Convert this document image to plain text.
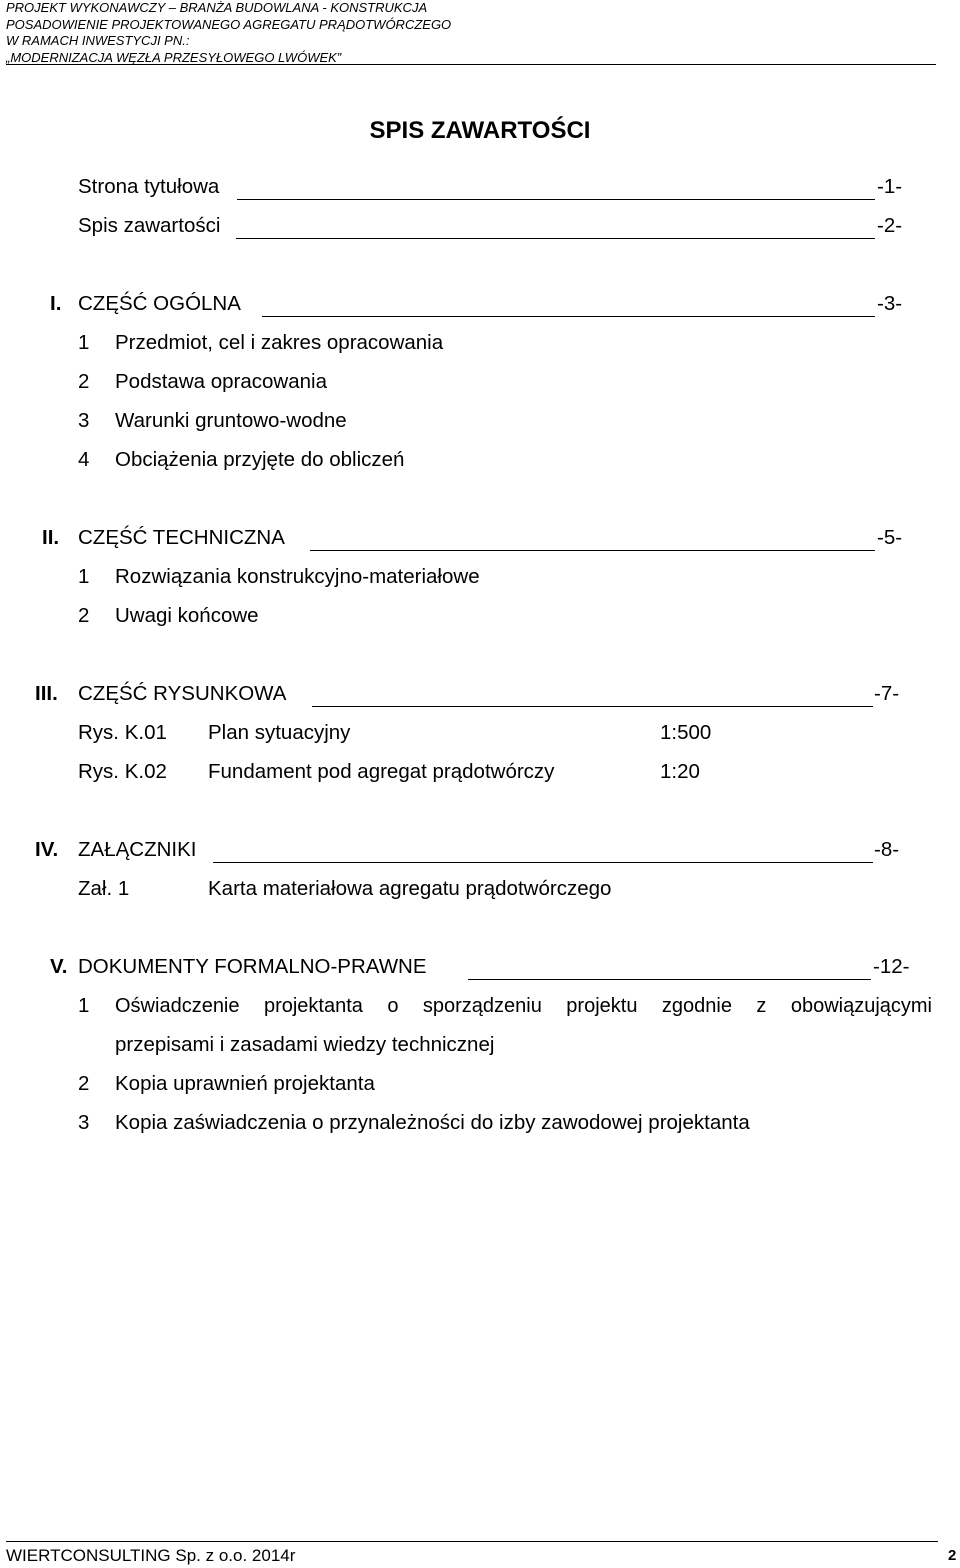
PROJEKT WYKONAWCZY – BRANŻA BUDOWLANA - KONSTRUKCJA
POSADOWIENIE PROJEKTOWANEGO AGREGATU PRĄDOTWÓRCZEGO
W RAMACH INWESTYCJI PN.:
„MODERNIZACJA WĘZŁA PRZESYŁOWEGO LWÓWEK”
SPIS ZAWARTOŚCI
Strona tytułowa	-1-
Spis zawartości	-2-
I. CZĘŚĆ OGÓLNA	-3-
1 Przedmiot, cel i zakres opracowania
2 Podstawa opracowania
3 Warunki gruntowo-wodne
4 Obciążenia przyjęte do obliczeń
II. CZĘŚĆ TECHNICZNA	-5-
1 Rozwiązania konstrukcyjno-materiałowe
2 Uwagi końcowe
III. CZĘŚĆ RYSUNKOWA	-7-
Rys. K.01 Plan sytuacyjny	1:500
Rys. K.02 Fundament pod agregat prądotwórczy	1:20
IV. ZAŁĄCZNIKI	-8-
Zał. 1	Karta materiałowa agregatu prądotwórczego
V. DOKUMENTY FORMALNO-PRAWNE	-12-
1 Oświadczenie projektanta o sporządzeniu projektu zgodnie z obowiązującymi
przepisami i zasadami wiedzy technicznej
2 Kopia uprawnień projektanta
3 Kopia zaświadczenia o przynależności do izby zawodowej projektanta
WIERTCONSULTING Sp. z o.o. 2014r	2
